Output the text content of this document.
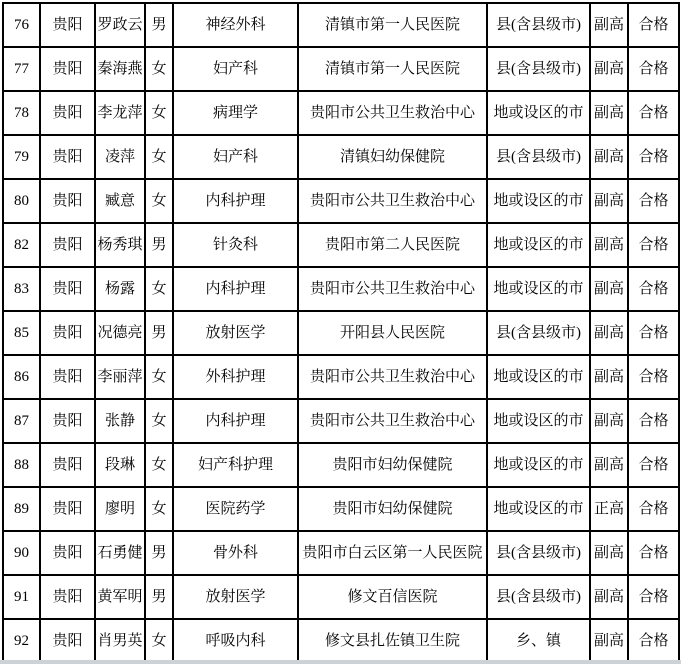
76	贵阳	罗政云	男	神经外科	清镇市第一人民医院	县(含县级市)	副高	合格
77	贵阳	秦海燕	女	妇产科	清镇市第一人民医院	县(含县级市)	副高	合格
78	贵阳	李龙萍	女	病理学	贵阳市公共卫生救治中心	地或设区的市	副高	合格
79	贵阳	凌萍	女	妇产科	清镇妇幼保健院	县(含县级市)	副高	合格
80	贵阳	臧意	女	内科护理	贵阳市公共卫生救治中心	地或设区的市	副高	合格
82	贵阳	杨秀琪	男	针灸科	贵阳市第二人民医院	地或设区的市	副高	合格
83	贵阳	杨露	女	内科护理	贵阳市公共卫生救治中心	地或设区的市	副高	合格
85	贵阳	况德亮	男	放射医学	开阳县人民医院	县(含县级市)	副高	合格
86	贵阳	李丽萍	女	外科护理	贵阳市公共卫生救治中心	地或设区的市	副高	合格
87	贵阳	张静	女	内科护理	贵阳市公共卫生救治中心	地或设区的市	副高	合格
88	贵阳	段琳	女	妇产科护理	贵阳市妇幼保健院	地或设区的市	副高	合格
89	贵阳	廖明	女	医院药学	贵阳市妇幼保健院	地或设区的市	正高	合格
90	贵阳	石勇健	男	骨外科	贵阳市白云区第一人民医院	县(含县级市)	副高	合格
91	贵阳	黄军明	男	放射医学	修文百信医院	县(含县级市)	副高	合格
92	贵阳	肖男英	女	呼吸内科	修文县扎佐镇卫生院	乡、镇	副高	合格
